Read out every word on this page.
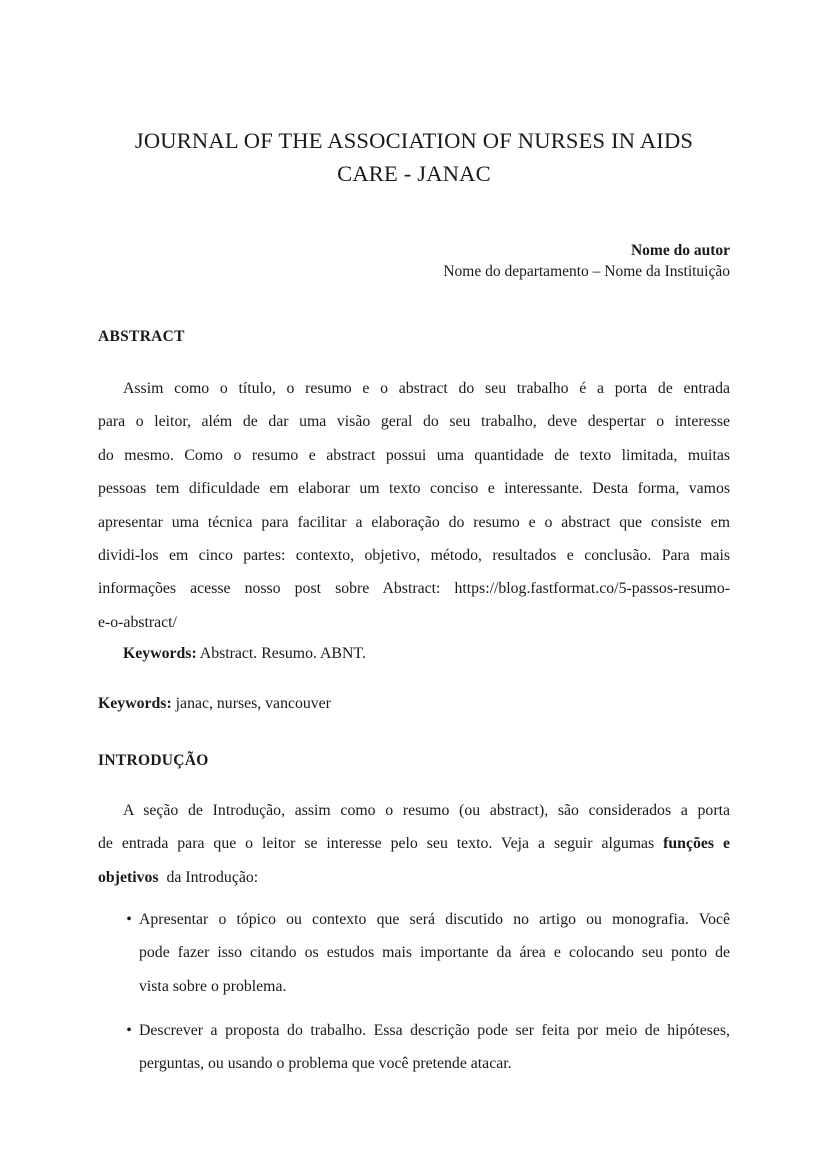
JOURNAL OF THE ASSOCIATION OF NURSES IN AIDS
CARE - JANAC
Nome do autor
Nome do departamento – Nome da Instituição
ABSTRACT
Assim como o título, o resumo e o abstract do seu trabalho é a porta de entrada
para o leitor, além de dar uma visão geral do seu trabalho, deve despertar o interesse
do mesmo. Como o resumo e abstract possui uma quantidade de texto limitada, muitas
pessoas tem dificuldade em elaborar um texto conciso e interessante. Desta forma, vamos
apresentar uma técnica para facilitar a elaboração do resumo e o abstract que consiste em
dividi-los em cinco partes: contexto, objetivo, método, resultados e conclusão. Para mais
informações acesse nosso post sobre Abstract: https://blog.fastformat.co/5-passos-resumo-
e-o-abstract/
Keywords: Abstract. Resumo. ABNT.
Keywords: janac, nurses, vancouver
INTRODUÇÃO
A seção de Introdução, assim como o resumo (ou abstract), são considerados a porta
de entrada para que o leitor se interesse pelo seu texto. Veja a seguir algumas funções e
objetivos da Introdução:
• Apresentar o tópico ou contexto que será discutido no artigo ou monografia. Você
pode fazer isso citando os estudos mais importante da área e colocando seu ponto de
vista sobre o problema.
• Descrever a proposta do trabalho. Essa descrição pode ser feita por meio de hipóteses,
perguntas, ou usando o problema que você pretende atacar.
